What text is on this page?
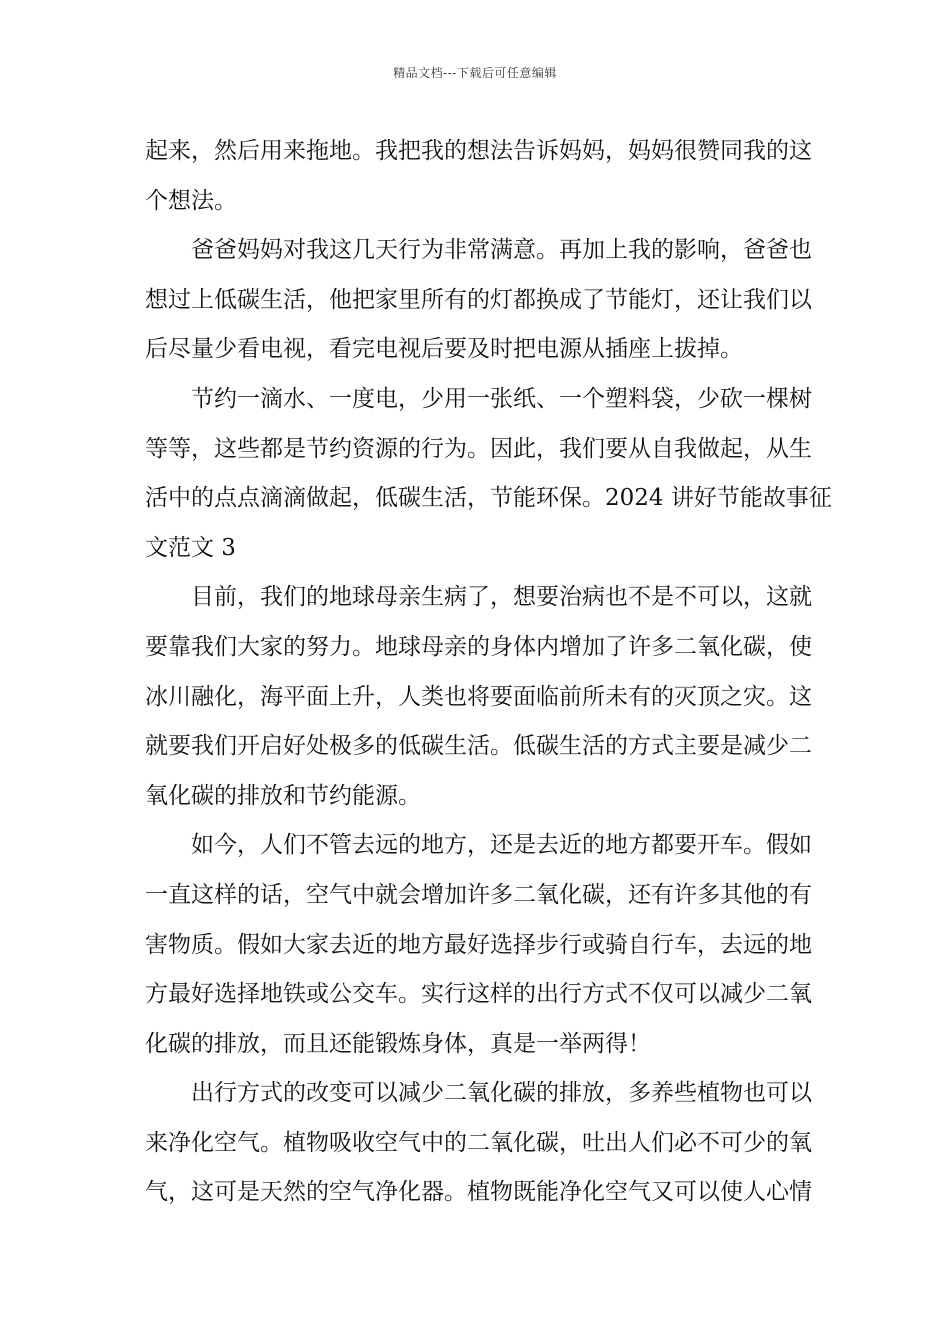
精品文档---下载后可任意编辑
起来，然后用来拖地。我把我的想法告诉妈妈，妈妈很赞同我的这
个想法。
爸爸妈妈对我这几天行为非常满意。再加上我的影响，爸爸也
想过上低碳生活，他把家里所有的灯都换成了节能灯，还让我们以
后尽量少看电视，看完电视后要及时把电源从插座上拔掉。
节约一滴水、一度电，少用一张纸、一个塑料袋，少砍一棵树
等等，这些都是节约资源的行为。因此，我们要从自我做起，从生
活中的点点滴滴做起，低碳生活，节能环保。2024 讲好节能故事征
文范文 3
目前，我们的地球母亲生病了，想要治病也不是不可以，这就
要靠我们大家的努力。地球母亲的身体内增加了许多二氧化碳，使
冰川融化，海平面上升，人类也将要面临前所未有的灭顶之灾。这
就要我们开启好处极多的低碳生活。低碳生活的方式主要是减少二
氧化碳的排放和节约能源。
如今，人们不管去远的地方，还是去近的地方都要开车。假如
一直这样的话，空气中就会增加许多二氧化碳，还有许多其他的有
害物质。假如大家去近的地方最好选择步行或骑自行车，去远的地
方最好选择地铁或公交车。实行这样的出行方式不仅可以减少二氧
化碳的排放，而且还能锻炼身体，真是一举两得！
出行方式的改变可以减少二氧化碳的排放，多养些植物也可以
来净化空气。植物吸收空气中的二氧化碳，吐出人们必不可少的氧
气，这可是天然的空气净化器。植物既能净化空气又可以使人心情
